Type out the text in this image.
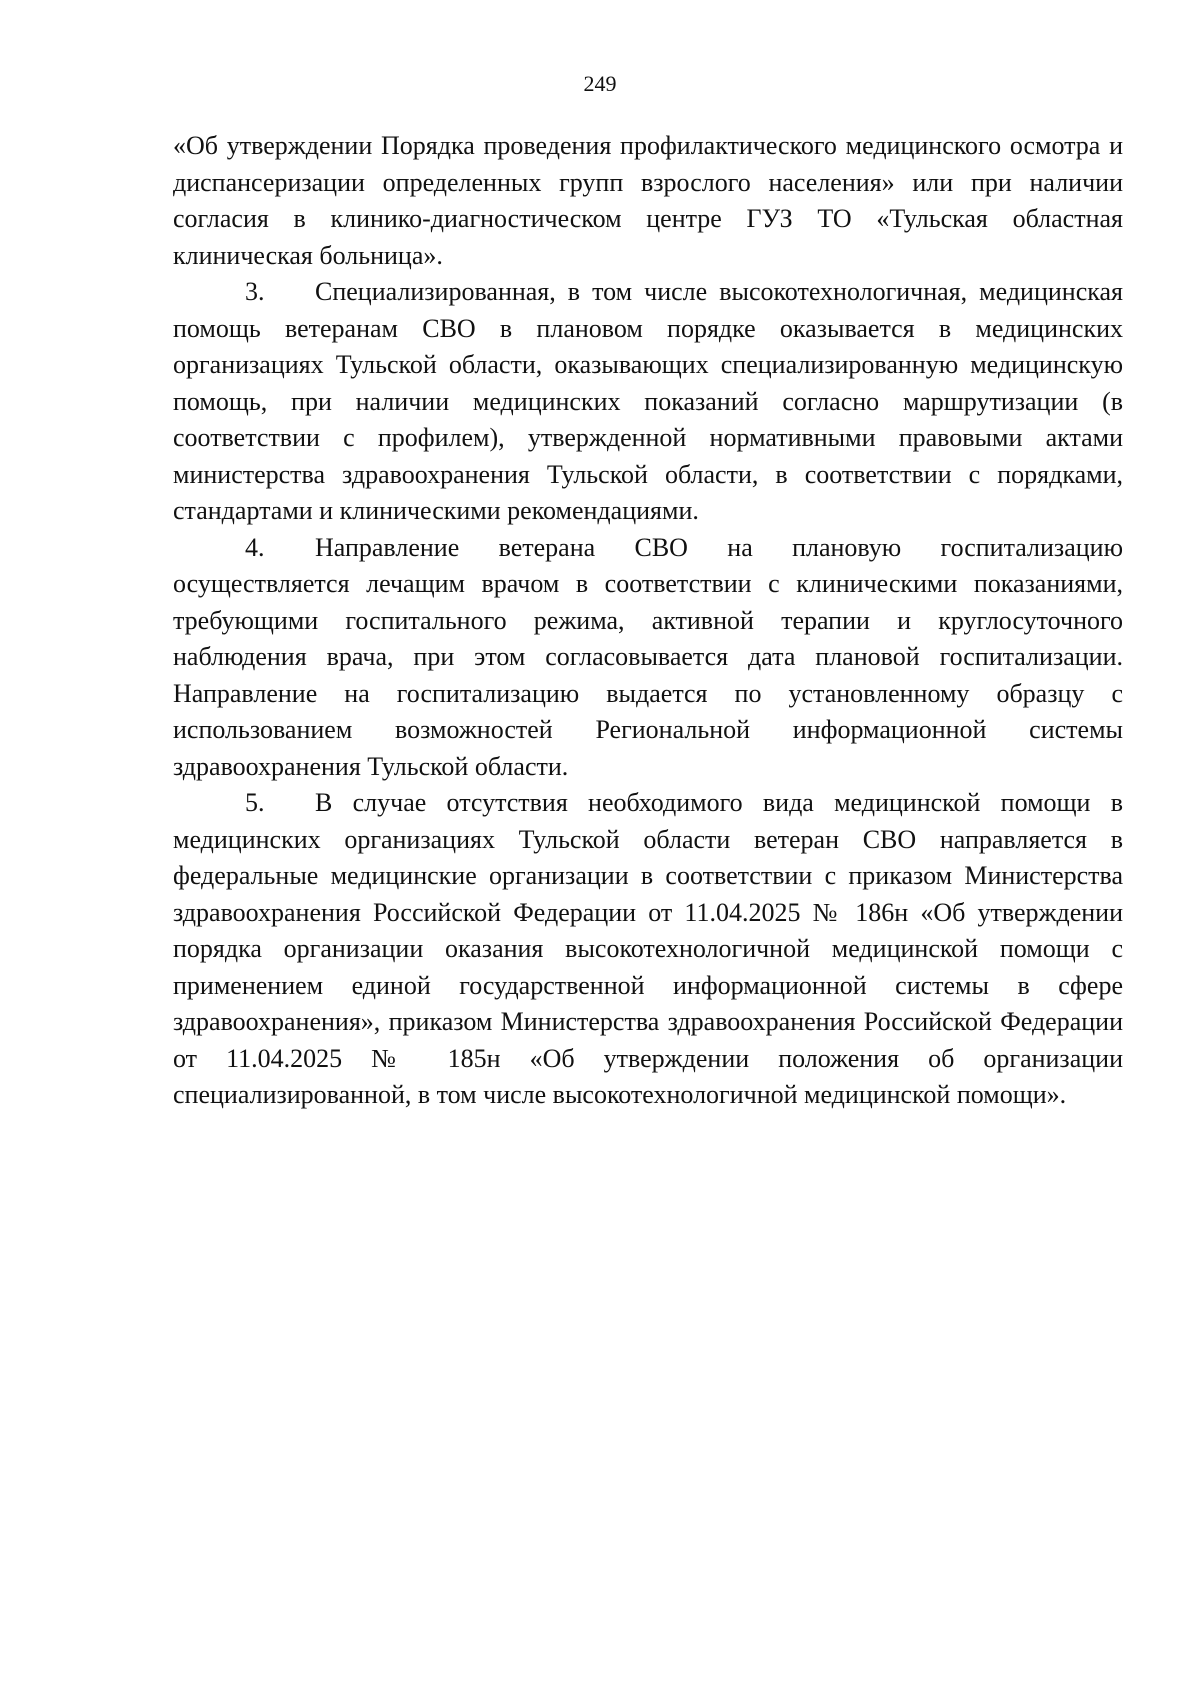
249

«Об утверждении Порядка проведения профилактического медицинского осмотра и диспансеризации определенных групп взрослого населения» или при наличии согласия в клинико-диагностическом центре ГУЗ ТО «Тульская областная клиническая больница».

3. Специализированная, в том числе высокотехнологичная, медицинская помощь ветеранам СВО в плановом порядке оказывается в медицинских организациях Тульской области, оказывающих специализированную медицинскую помощь, при наличии медицинских показаний согласно маршрутизации (в соответствии с профилем), утвержденной нормативными правовыми актами министерства здравоохранения Тульской области, в соответствии с порядками, стандартами и клиническими рекомендациями.

4. Направление ветерана СВО на плановую госпитализацию осуществляется лечащим врачом в соответствии с клиническими показаниями, требующими госпитального режима, активной терапии и круглосуточного наблюдения врача, при этом согласовывается дата плановой госпитализации. Направление на госпитализацию выдается по установленному образцу с использованием возможностей Региональной информационной системы здравоохранения Тульской области.

5. В случае отсутствия необходимого вида медицинской помощи в медицинских организациях Тульской области ветеран СВО направляется в федеральные медицинские организации в соответствии с приказом Министерства здравоохранения Российской Федерации от 11.04.2025 № 186н «Об утверждении порядка организации оказания высокотехнологичной медицинской помощи с применением единой государственной информационной системы в сфере здравоохранения», приказом Министерства здравоохранения Российской Федерации от 11.04.2025 № 185н «Об утверждении положения об организации специализированной, в том числе высокотехнологичной медицинской помощи».
